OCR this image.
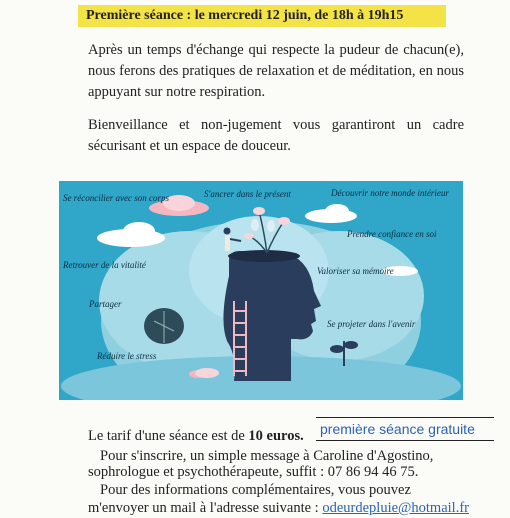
Première séance : le mercredi 12 juin, de 18h à 19h15
Après un temps d'échange qui respecte la pudeur de chacun(e), nous ferons des pratiques de relaxation et de méditation, en nous appuyant sur notre respiration.
Bienveillance et non-jugement vous garantiront un cadre sécurisant et un espace de douceur.
Se réconcilier avec son corps	S'ancrer dans le présent	Découvrir notre monde intérieur
Prendre confiance en soi
Retrouver de la vitalité
Valoriser sa mémoire
Partager
Se projeter dans l'avenir
Réduire le stress
Le tarif d'une séance est de 10 euros. première séance gratuite
Pour s'inscrire, un simple message à Caroline d'Agostino,
sophrologue et psychothérapeute, suffit : 07 86 94 46 75.
Pour des informations complémentaires, vous pouvez
m'envoyer un mail à l'adresse suivante : odeurdepluie@hotmail.fr
